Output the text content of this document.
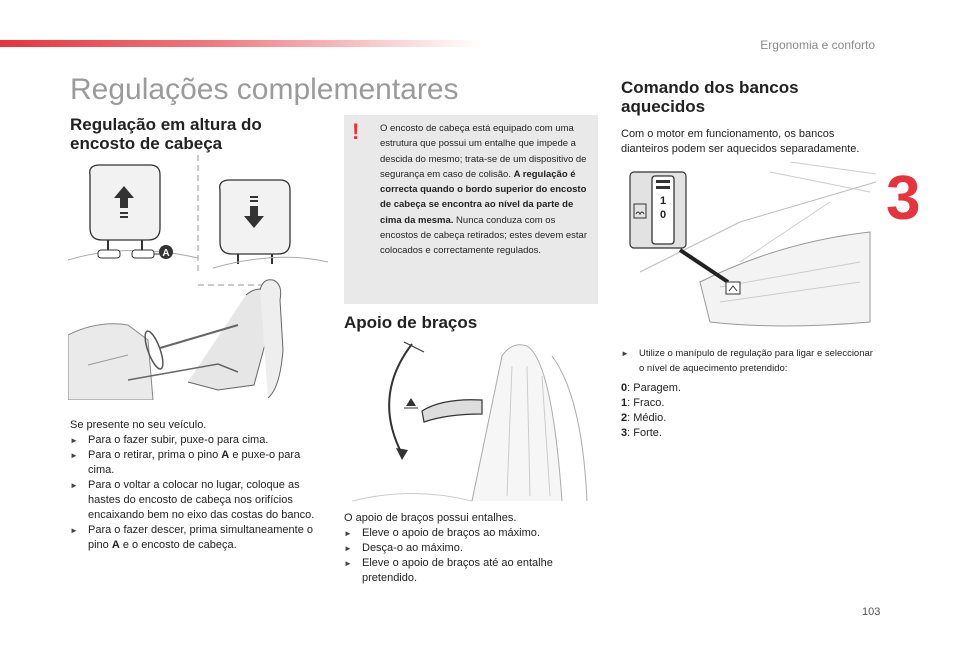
Ergonomia e conforto
3
103
Regulações complementares
Regulação em altura do
encosto de cabeça
A
Se presente no seu veículo.
► Para o fazer subir, puxe-o para cima.
► Para o retirar, prima o pino A e puxe-o para cima.
► Para o voltar a colocar no lugar, coloque as hastes do encosto de cabeça nos orifícios encaixando bem no eixo das costas do banco.
► Para o fazer descer, prima simultaneamente o pino A e o encosto de cabeça.
! O encosto de cabeça está equipado com uma estrutura que possui um entalhe que impede a descida do mesmo; trata-se de um dispositivo de segurança em caso de colisão. A regulação é correcta quando o bordo superior do encosto de cabeça se encontra ao nível da parte de cima da mesma. Nunca conduza com os encostos de cabeça retirados; estes devem estar colocados e correctamente regulados.
Apoio de braços
O apoio de braços possui entalhes.
► Eleve o apoio de braços ao máximo.
► Desça-o ao máximo.
► Eleve o apoio de braços até ao entalhe pretendido.
Comando dos bancos
aquecidos
Com o motor em funcionamento, os bancos dianteiros podem ser aquecidos separadamente.
1
0
► Utilize o manípulo de regulação para ligar e seleccionar o nível de aquecimento pretendido:
0: Paragem.
1: Fraco.
2: Médio.
3: Forte.
